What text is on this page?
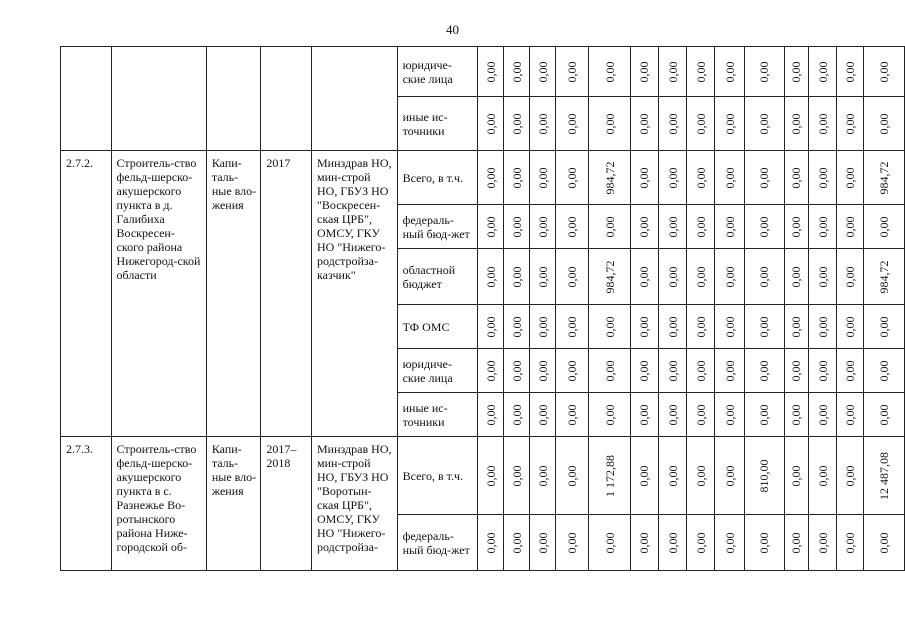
40
					юридиче-ские лица	0,00	0,00	0,00	0,00	0,00	0,00	0,00	0,00	0,00	0,00	0,00	0,00	0,00	0,00

					иные ис-точники	0,00	0,00	0,00	0,00	0,00	0,00	0,00	0,00	0,00	0,00	0,00	0,00	0,00	0,00

2.7.2.	Строитель-ство фельд-шерско-акушерского пункта в д. Галибиха Воскресен-ского района Нижегород-ской области	Капи-таль-ные вло-жения	2017	Минздрав НО, мин-строй НО, ГБУЗ НО "Воскресен-ская ЦРБ", ОМСУ, ГКУ НО "Нижего-родстройза-казчик"	Всего, в т.ч.	0,00	0,00	0,00	0,00	984,72	0,00	0,00	0,00	0,00	0,00	0,00	0,00	0,00	984,72

					федераль-ный бюд-жет	0,00	0,00	0,00	0,00	0,00	0,00	0,00	0,00	0,00	0,00	0,00	0,00	0,00	0,00

					областной бюджет	0,00	0,00	0,00	0,00	984,72	0,00	0,00	0,00	0,00	0,00	0,00	0,00	0,00	984,72

					ТФ ОМС	0,00	0,00	0,00	0,00	0,00	0,00	0,00	0,00	0,00	0,00	0,00	0,00	0,00	0,00

					юридиче-ские лица	0,00	0,00	0,00	0,00	0,00	0,00	0,00	0,00	0,00	0,00	0,00	0,00	0,00	0,00

					иные ис-точники	0,00	0,00	0,00	0,00	0,00	0,00	0,00	0,00	0,00	0,00	0,00	0,00	0,00	0,00

2.7.3.	Строитель-ство фельд-шерско-акушерского пункта в с. Разнежье Во-ротынского района Ниже-городской об-	Капи-таль-ные вло-жения	2017–2018	Минздрав НО, мин-строй НО, ГБУЗ НО "Воротын-ская ЦРБ", ОМСУ, ГКУ НО "Нижего-родстройза-	Всего, в т.ч.	0,00	0,00	0,00	0,00	1 172,88	0,00	0,00	0,00	0,00	810,00	0,00	0,00	0,00	12 487,08

					федераль-ный бюд-жет	0,00	0,00	0,00	0,00	0,00	0,00	0,00	0,00	0,00	0,00	0,00	0,00	0,00	0,00
